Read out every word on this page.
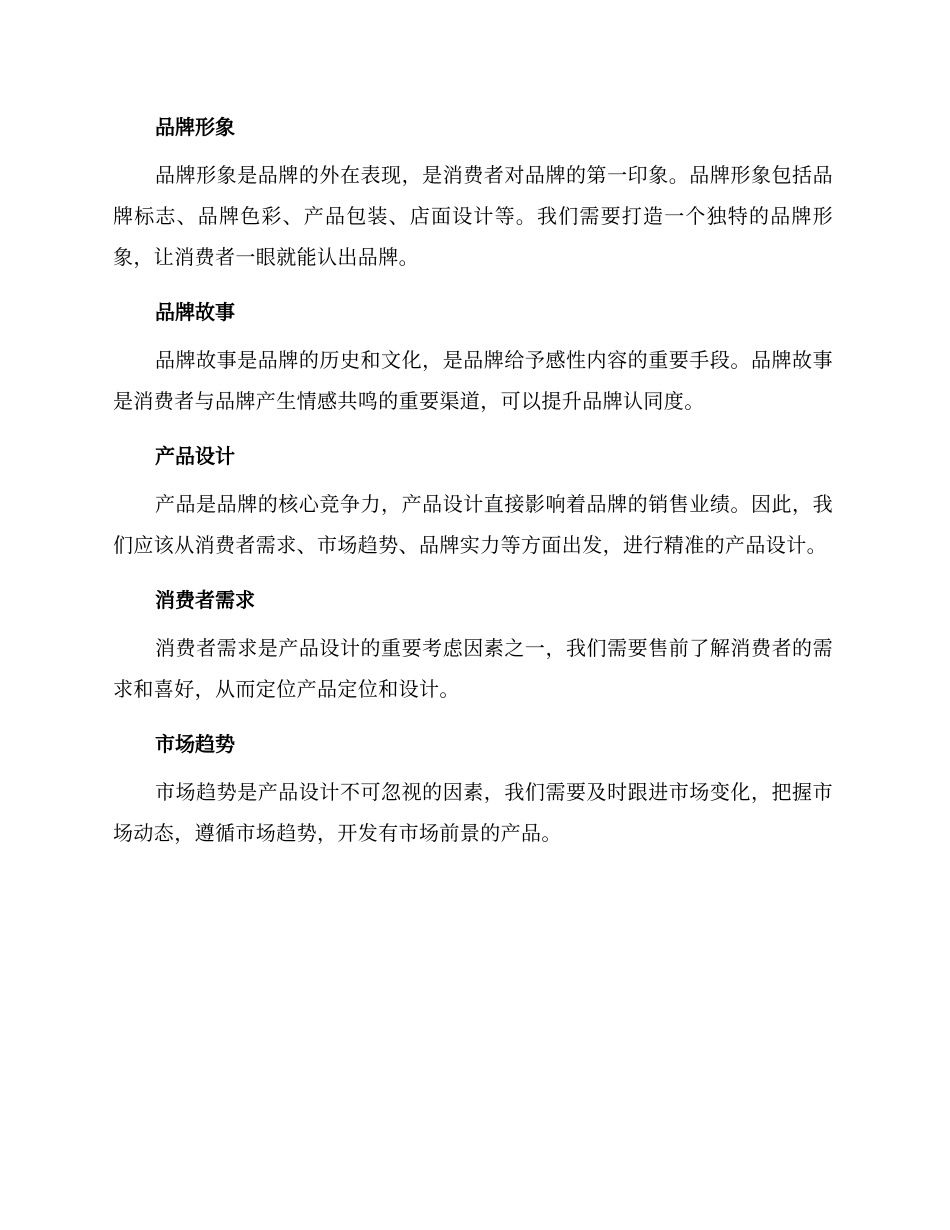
品牌形象

品牌形象是品牌的外在表现，是消费者对品牌的第一印象。品牌形象包括品牌标志、品牌色彩、产品包装、店面设计等。我们需要打造一个独特的品牌形象，让消费者一眼就能认出品牌。

品牌故事

品牌故事是品牌的历史和文化，是品牌给予感性内容的重要手段。品牌故事是消费者与品牌产生情感共鸣的重要渠道，可以提升品牌认同度。

产品设计

产品是品牌的核心竞争力，产品设计直接影响着品牌的销售业绩。因此，我们应该从消费者需求、市场趋势、品牌实力等方面出发，进行精准的产品设计。

消费者需求

消费者需求是产品设计的重要考虑因素之一，我们需要售前了解消费者的需求和喜好，从而定位产品定位和设计。

市场趋势

市场趋势是产品设计不可忽视的因素，我们需要及时跟进市场变化，把握市场动态，遵循市场趋势，开发有市场前景的产品。
